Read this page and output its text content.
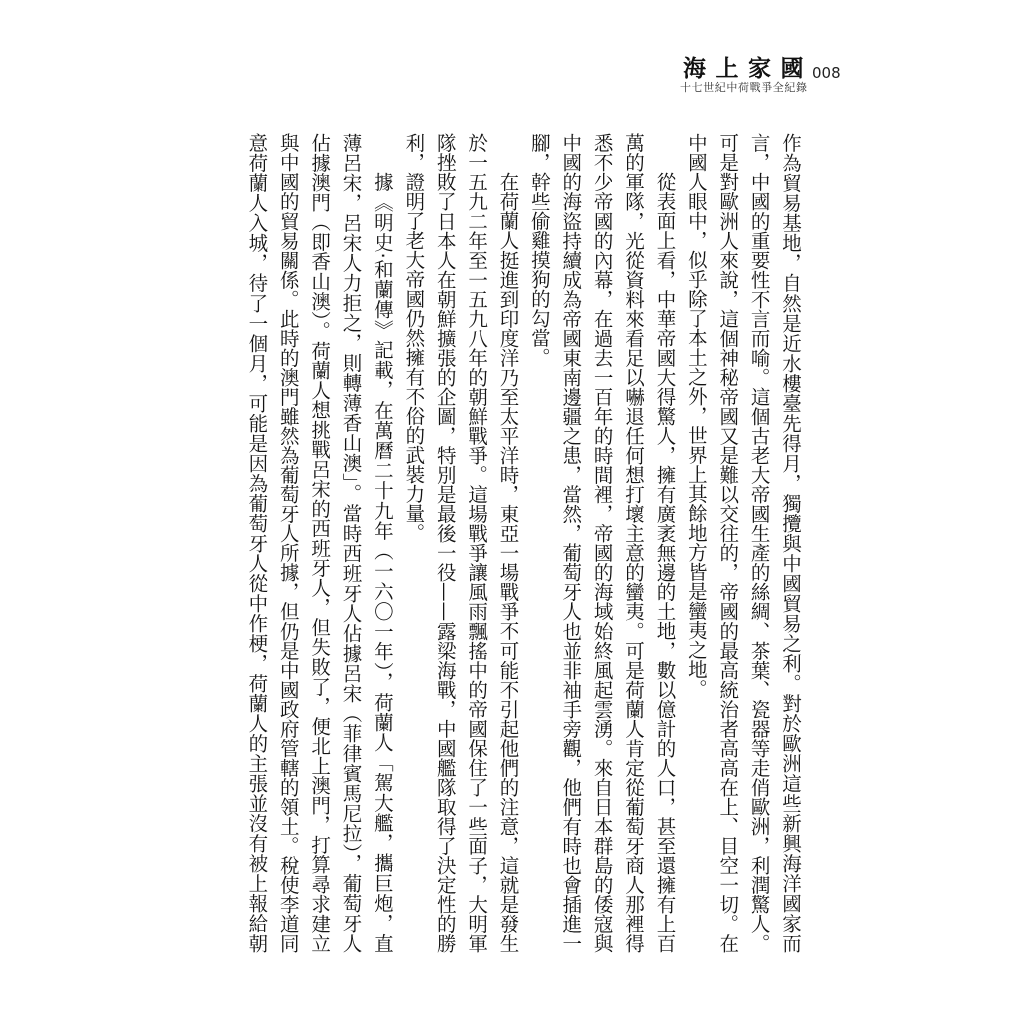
海上家國 008
十七世紀中荷戰爭全紀錄
作為貿易基地，自然是近水樓臺先得月，獨攬與中國貿易之利。對於歐洲這些新興海洋國家而
言，中國的重要性不言而喻。這個古老大帝國生產的絲綢、茶葉、瓷器等走俏歐洲，利潤驚人。
可是對歐洲人來說，這個神秘帝國又是難以交往的，帝國的最高統治者高高在上、目空一切。在
中國人眼中，似乎除了本土之外，世界上其餘地方皆是蠻夷之地。
從表面上看，中華帝國大得驚人，擁有廣袤無邊的土地，數以億計的人口，甚至還擁有上百
萬的軍隊，光從資料來看足以嚇退任何想打壞主意的蠻夷。可是荷蘭人肯定從葡萄牙商人那裡得
悉不少帝國的內幕，在過去一百年的時間裡，帝國的海域始終風起雲湧。來自日本群島的倭寇與
中國的海盜持續成為帝國東南邊疆之患，當然，葡萄牙人也並非袖手旁觀，他們有時也會插進一
腳，幹些偷雞摸狗的勾當。
在荷蘭人挺進到印度洋乃至太平洋時，東亞一場戰爭不可能不引起他們的注意，這就是發生
於一五九二年至一五九八年的朝鮮戰爭。這場戰爭讓風雨飄搖中的帝國保住了一些面子，大明軍
隊挫敗了日本人在朝鮮擴張的企圖，特別是最後一役——露梁海戰，中國艦隊取得了決定性的勝
利，證明了老大帝國仍然擁有不俗的武裝力量。
據《明史‧和蘭傳》記載，在萬曆二十九年（一六〇一年），荷蘭人「駕大艦，攜巨炮，直
薄呂宋，呂宋人力拒之，則轉薄香山澳」。當時西班牙人佔據呂宋（菲律賓馬尼拉），葡萄牙人
佔據澳門（即香山澳）。荷蘭人想挑戰呂宋的西班牙人，但失敗了，便北上澳門，打算尋求建立
與中國的貿易關係。此時的澳門雖然為葡萄牙人所據，但仍是中國政府管轄的領土。稅使李道同
意荷蘭人入城，待了一個月，可能是因為葡萄牙人從中作梗，荷蘭人的主張並沒有被上報給朝
